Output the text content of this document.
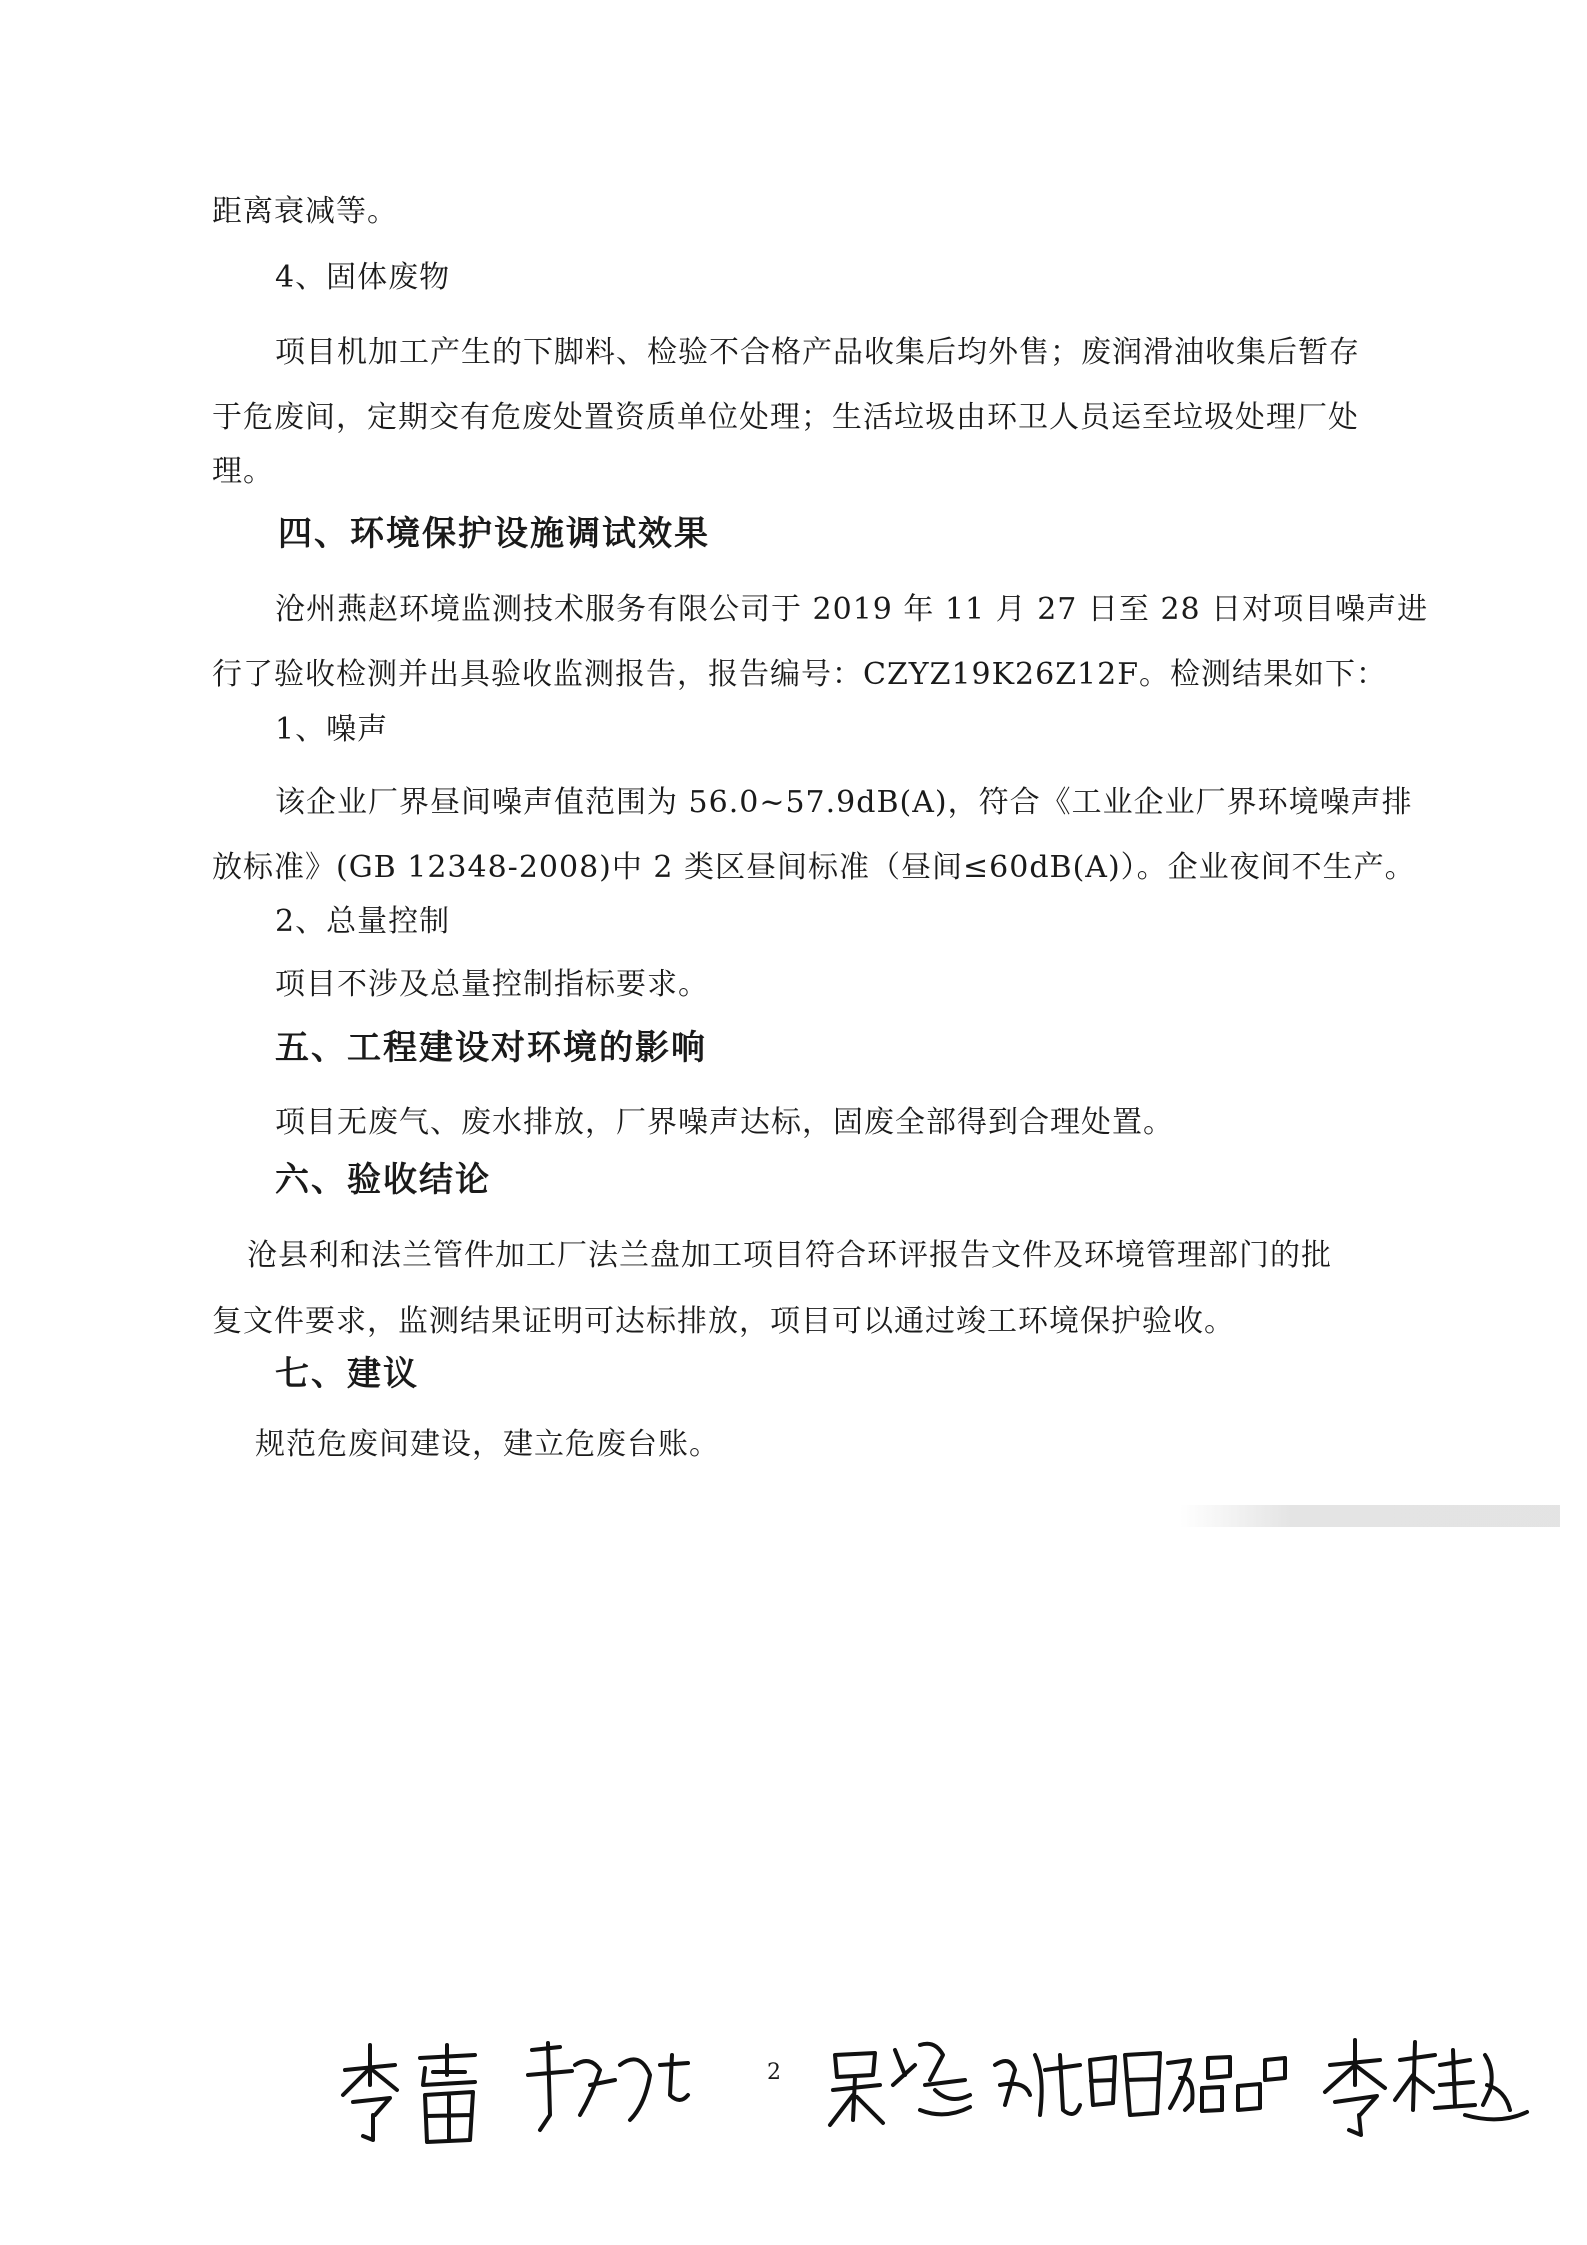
距离衰减等。
4、固体废物
项目机加工产生的下脚料、检验不合格产品收集后均外售；废润滑油收集后暂存
于危废间，定期交有危废处置资质单位处理；生活垃圾由环卫人员运至垃圾处理厂处
理。
四、环境保护设施调试效果
沧州燕赵环境监测技术服务有限公司于 2019 年 11 月 27 日至 28 日对项目噪声进
行了验收检测并出具验收监测报告，报告编号：CZYZ19K26Z12F。检测结果如下：
1、噪声
该企业厂界昼间噪声值范围为 56.0~57.9dB(A)，符合《工业企业厂界环境噪声排
放标准》(GB 12348-2008)中 2 类区昼间标准（昼间≤60dB(A)）。企业夜间不生产。
2、总量控制
项目不涉及总量控制指标要求。
五、工程建设对环境的影响
项目无废气、废水排放，厂界噪声达标，固废全部得到合理处置。
六、验收结论
沧县利和法兰管件加工厂法兰盘加工项目符合环评报告文件及环境管理部门的批
复文件要求，监测结果证明可达标排放，项目可以通过竣工环境保护验收。
七、建议
规范危废间建设，建立危废台账。
2
